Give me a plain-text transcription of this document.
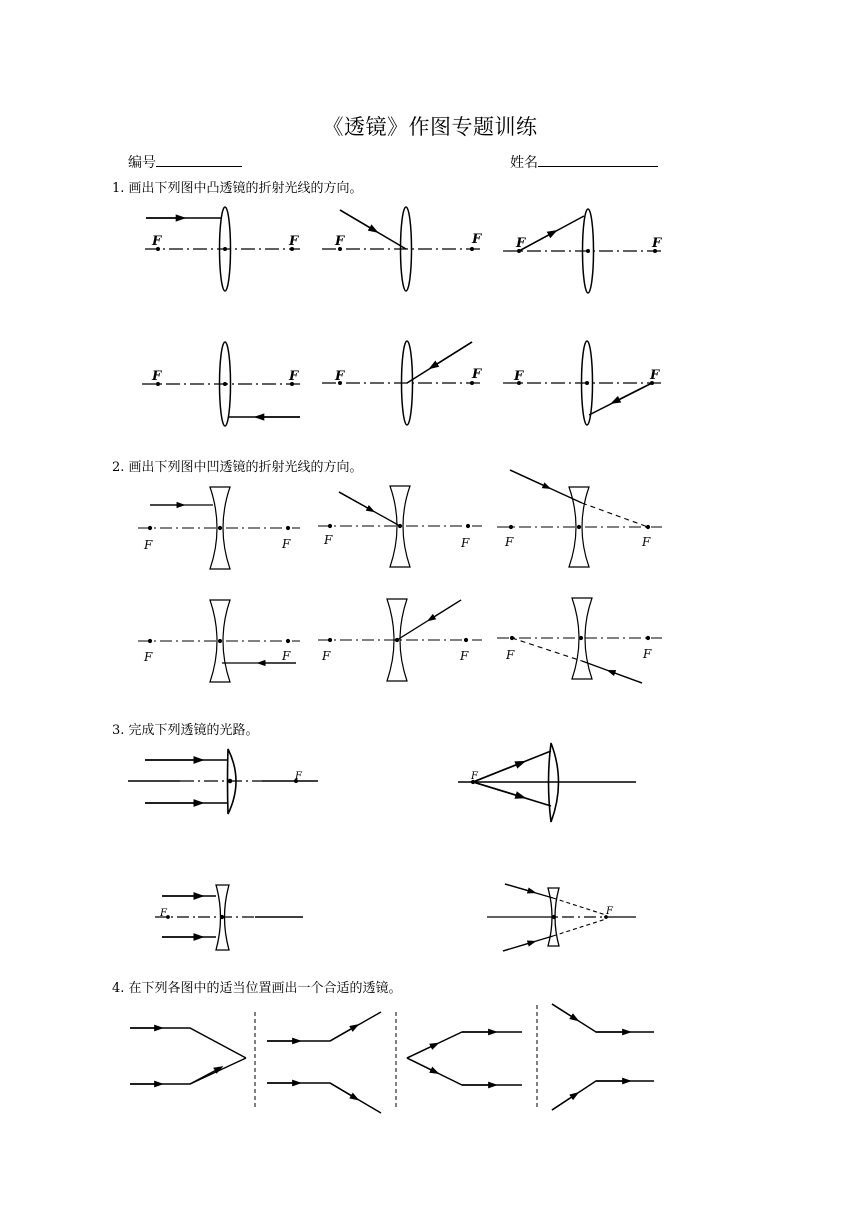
《透镜》作图专题训练
编号	姓名
1. 画出下列图中凸透镜的折射光线的方向。
2. 画出下列图中凹透镜的折射光线的方向。
3. 完成下列透镜的光路。
4. 在下列各图中的适当位置画出一个合适的透镜。
F	F	F	F	F	F
F	F	F	F	F	F
F	F	F	F	F	F
F	F	F	F	F	F
F	F
F	F
